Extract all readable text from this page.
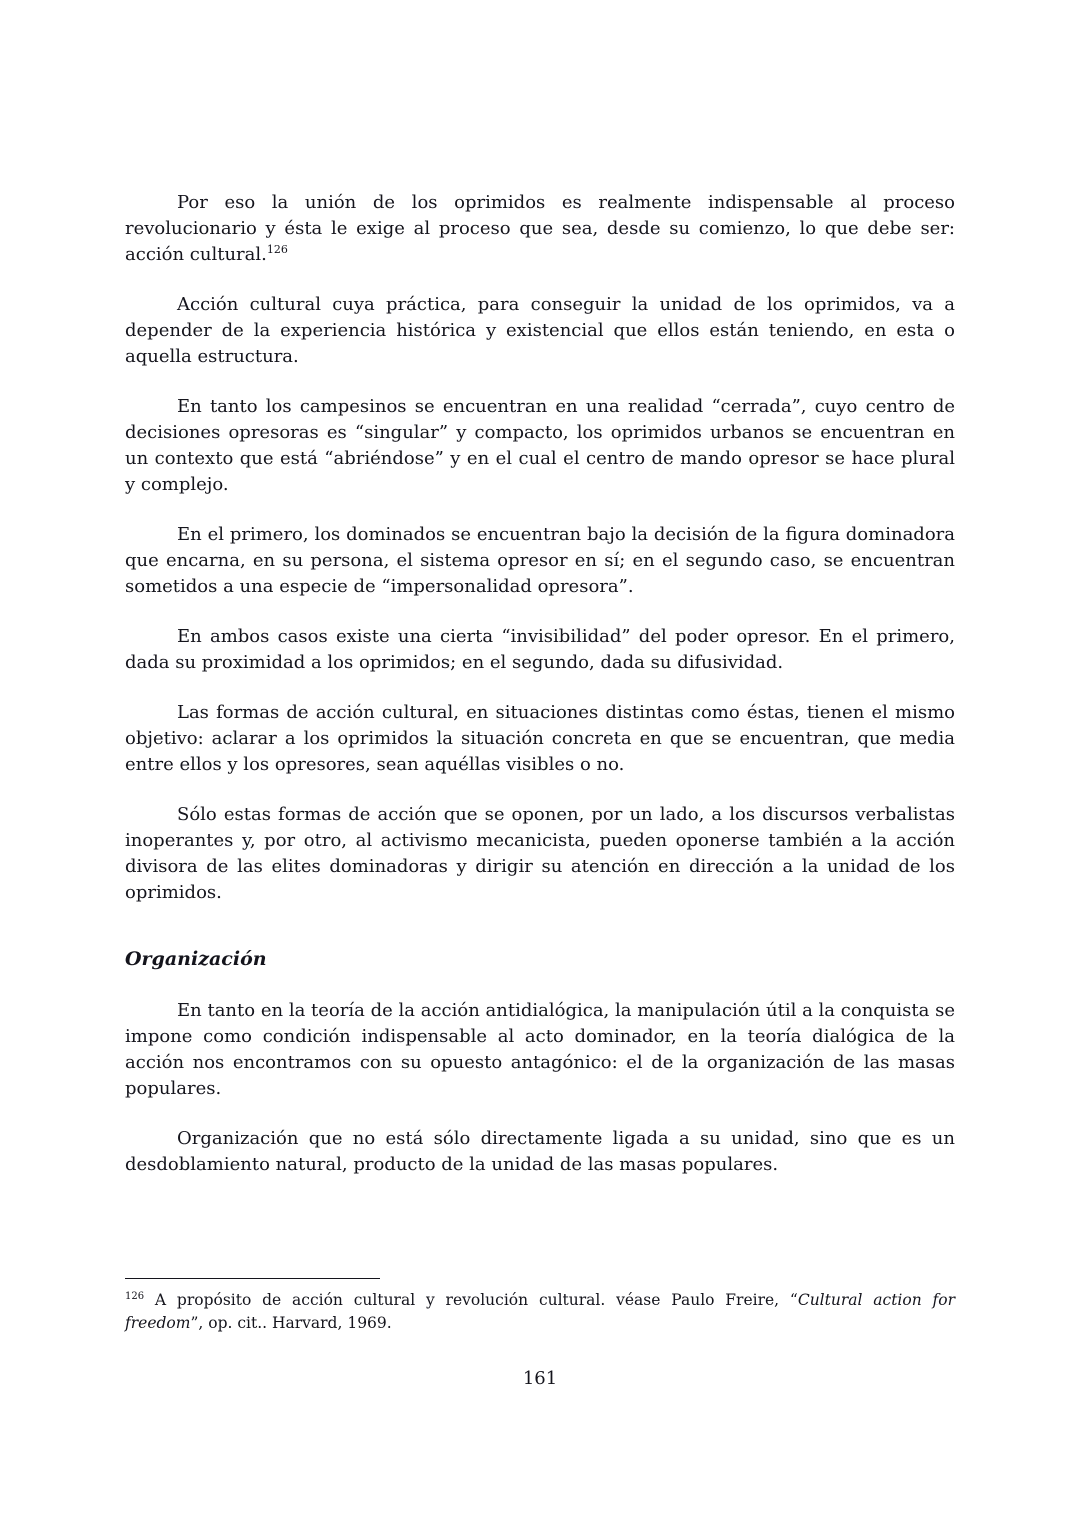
Por eso la unión de los oprimidos es realmente indispensable al proceso revolucionario y ésta le exige al proceso que sea, desde su comienzo, lo que debe ser: acción cultural.$^{126}$

Acción cultural cuya práctica, para conseguir la unidad de los oprimidos, va a depender de la experiencia histórica y existencial que ellos están teniendo, en esta o aquella estructura.

En tanto los campesinos se encuentran en una realidad “cerrada”, cuyo centro de decisiones opresoras es “singular” y compacto, los oprimidos urbanos se encuentran en un contexto que está “abriéndose” y en el cual el centro de mando opresor se hace plural y complejo.

En el primero, los dominados se encuentran bajo la decisión de la figura dominadora que encarna, en su persona, el sistema opresor en sí; en el segundo caso, se encuentran sometidos a una especie de “impersonalidad opresora”.

En ambos casos existe una cierta “invisibilidad” del poder opresor. En el primero, dada su proximidad a los oprimidos; en el segundo, dada su difusividad.

Las formas de acción cultural, en situaciones distintas como éstas, tienen el mismo objetivo: aclarar a los oprimidos la situación concreta en que se encuentran, que media entre ellos y los opresores, sean aquéllas visibles o no.

Sólo estas formas de acción que se oponen, por un lado, a los discursos verbalistas inoperantes y, por otro, al activismo mecanicista, pueden oponerse también a la acción divisora de las elites dominadoras y dirigir su atención en dirección a la unidad de los oprimidos.

Organización

En tanto en la teoría de la acción antidialógica, la manipulación útil a la conquista se impone como condición indispensable al acto dominador, en la teoría dialógica de la acción nos encontramos con su opuesto antagónico: el de la organización de las masas populares.

Organización que no está sólo directamente ligada a su unidad, sino que es un desdoblamiento natural, producto de la unidad de las masas populares.

$^{126}$ A propósito de acción cultural y revolución cultural. véase Paulo Freire, “Cultural action for freedom”, op. cit.. Harvard, 1969.

161
